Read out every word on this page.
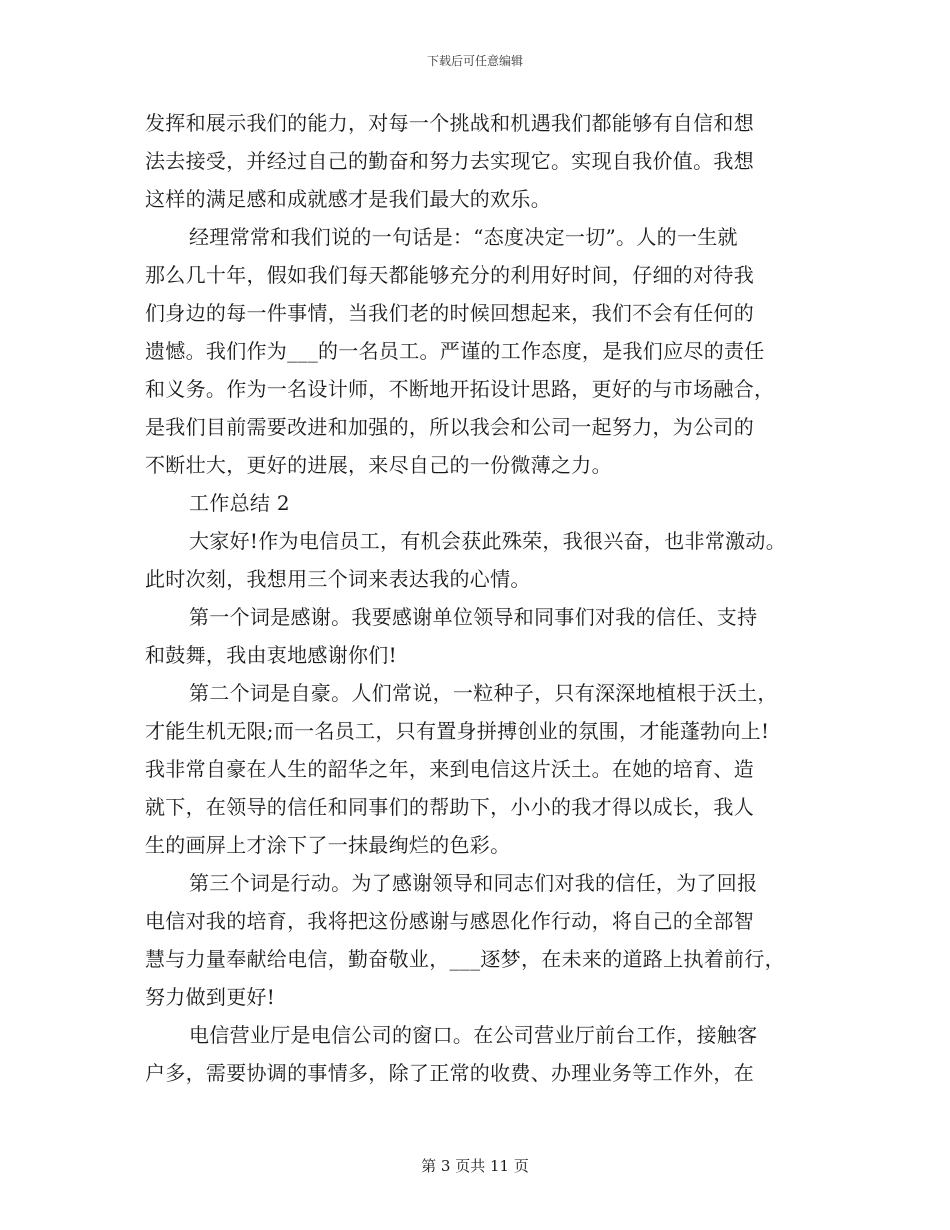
下载后可任意编辑
发挥和展示我们的能力，对每一个挑战和机遇我们都能够有自信和想
法去接受，并经过自己的勤奋和努力去实现它。实现自我价值。我想
这样的满足感和成就感才是我们最大的欢乐。
经理常常和我们说的一句话是：“态度决定一切”。人的一生就
那么几十年，假如我们每天都能够充分的利用好时间，仔细的对待我
们身边的每一件事情，当我们老的时候回想起来，我们不会有任何的
遗憾。我们作为___的一名员工。严谨的工作态度，是我们应尽的责任
和义务。作为一名设计师，不断地开拓设计思路，更好的与市场融合，
是我们目前需要改进和加强的，所以我会和公司一起努力，为公司的
不断壮大，更好的进展，来尽自己的一份微薄之力。
工作总结 2
大家好!作为电信员工，有机会获此殊荣，我很兴奋，也非常激动。
此时次刻，我想用三个词来表达我的心情。
第一个词是感谢。我要感谢单位领导和同事们对我的信任、支持
和鼓舞，我由衷地感谢你们!
第二个词是自豪。人们常说，一粒种子，只有深深地植根于沃土，
才能生机无限;而一名员工，只有置身拼搏创业的氛围，才能蓬勃向上!
我非常自豪在人生的韶华之年，来到电信这片沃土。在她的培育、造
就下，在领导的信任和同事们的帮助下，小小的我才得以成长，我人
生的画屏上才涂下了一抹最绚烂的色彩。
第三个词是行动。为了感谢领导和同志们对我的信任，为了回报
电信对我的培育，我将把这份感谢与感恩化作行动，将自己的全部智
慧与力量奉献给电信，勤奋敬业，___逐梦，在未来的道路上执着前行，
努力做到更好!
电信营业厅是电信公司的窗口。在公司营业厅前台工作，接触客
户多，需要协调的事情多，除了正常的收费、办理业务等工作外，在
第 3 页共 11 页
